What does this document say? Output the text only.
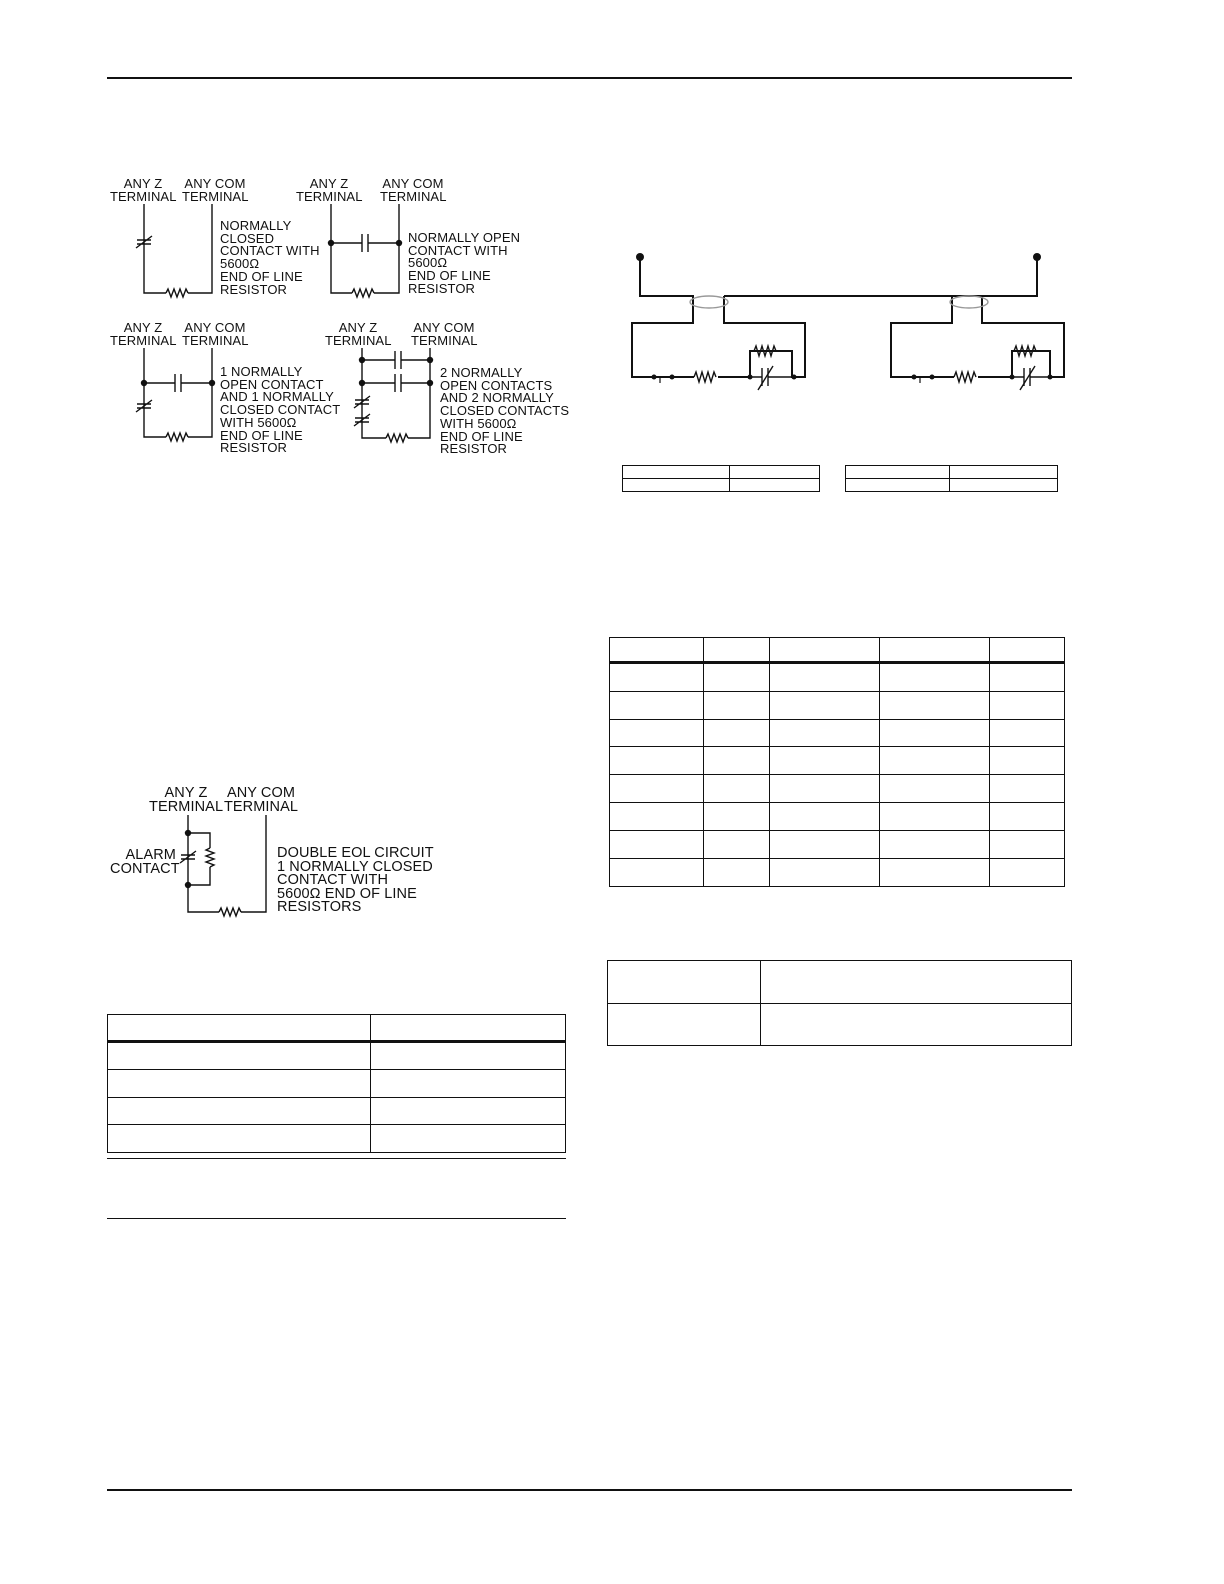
ANY Z
TERMINAL
ANY COM
TERMINAL
NORMALLY
CLOSED
CONTACT WITH
5600Ω
END OF LINE
RESISTOR
ANY Z
TERMINAL
ANY COM
TERMINAL
NORMALLY OPEN
CONTACT WITH
5600Ω
END OF LINE
RESISTOR
ANY Z
TERMINAL
ANY COM
TERMINAL
1 NORMALLY
OPEN CONTACT
AND 1 NORMALLY
CLOSED CONTACT
WITH 5600Ω
END OF LINE
RESISTOR
ANY Z
TERMINAL
ANY COM
TERMINAL
2 NORMALLY
OPEN CONTACTS
AND 2 NORMALLY
CLOSED CONTACTS
WITH 5600Ω
END OF LINE
RESISTOR
ANY Z
TERMINAL
ANY COM
TERMINAL
ALARM
CONTACT
DOUBLE EOL CIRCUIT
1 NORMALLY CLOSED
CONTACT WITH
5600Ω END OF LINE
RESISTORS
